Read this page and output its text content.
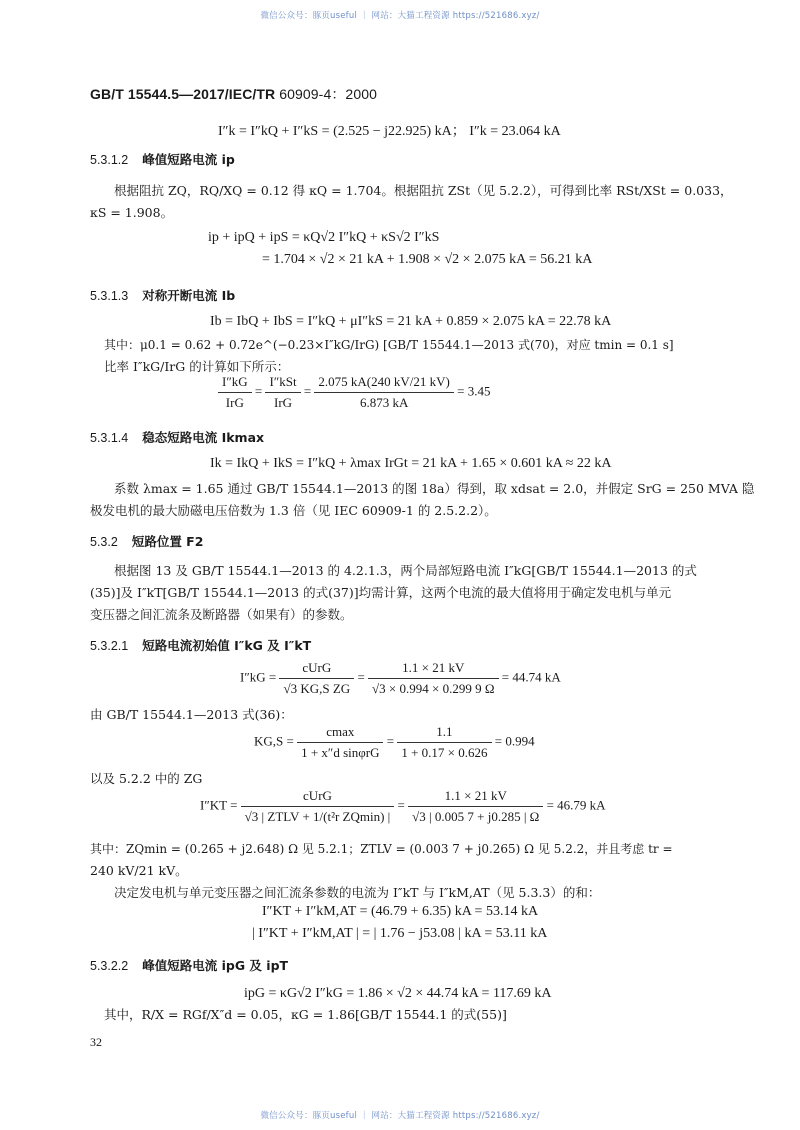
微信公众号：豚页useful ｜ 网站：大猫工程资源 https://521686.xyz/
GB/T 15544.5—2017/IEC/TR 60909-4：2000
I″k = I″kQ + I″kS = (2.525 − j22.925) kA； I″k = 23.064 kA
5.3.1.2 峰值短路电流 ip
根据阻抗 ZQ，RQ/XQ = 0.12 得 κQ = 1.704。根据阻抗 ZSt（见 5.2.2），可得到比率 RSt/XSt = 0.033，
κS = 1.908。
ip + ipQ + ipS = κQ√2 I″kQ + κS√2 I″kS
= 1.704 × √2 × 21 kA + 1.908 × √2 × 2.075 kA = 56.21 kA
5.3.1.3 对称开断电流 Ib
Ib = IbQ + IbS = I″kQ + μI″kS = 21 kA + 0.859 × 2.075 kA = 22.78 kA
其中：μ0.1 = 0.62 + 0.72e^(−0.23×I″kG/IrG) [GB/T 15544.1—2013 式(70)，对应 tmin = 0.1 s]
比率 I″kG/IrG 的计算如下所示：
$\frac{I''kG}{\text{IrG}} = \frac{\text{I″kSt}}{\text{IrG}} = \frac{2.075 kA(240 kV/21 kV)}{6.873 kA} = 3.45$
5.3.1.4 稳态短路电流 Ikmax
Ik = IkQ + IkS = I″kQ + λmax IrGt = 21 kA + 1.65 × 0.601 kA ≈ 22 kA
系数 λmax = 1.65 通过 GB/T 15544.1—2013 的图 18a）得到，取 xdsat = 2.0，并假定 SrG = 250 MVA 隐
极发电机的最大励磁电压倍数为 1.3 倍（见 IEC 60909-1 的 2.5.2.2）。
5.3.2 短路位置 F2
根据图 13 及 GB/T 15544.1—2013 的 4.2.1.3，两个局部短路电流 I″kG[GB/T 15544.1—2013 的式
(35)]及 I″kT[GB/T 15544.1—2013 的式(37)]均需计算，这两个电流的最大值将用于确定发电机与单元
变压器之间汇流条及断路器（如果有）的参数。
5.3.2.1 短路电流初始值 I″kG 及 I″kT
$I''kG = \frac{\text{cUrG}}{\text{√3 KG,S ZG}} = \frac{1.1 \times 21 kV}{√3 \times 0.994 \times 0.299 9 \Omega} = 44.74$ kA
由 GB/T 15544.1—2013 式(36)：
$KG,S = \frac{cmax}{\text{1 + x″d sinφrG}} = \frac{1.1}{1 + 0.17 \times 0.626} = 0.994$
以及 5.2.2 中的 ZG
$I''KT = \frac{\text{cUrG}}{\text{√3 | ZTLV + 1/(t²r ZQmin) |}} = \frac{1.1 \times 21 kV}{√3 | 0.005 7 + j0.285 | \Omega} = 46.79$ kA
其中：ZQmin = (0.265 + j2.648) Ω 见 5.2.1；ZTLV = (0.003 7 + j0.265) Ω 见 5.2.2，并且考虑 tr =
240 kV/21 kV。
决定发电机与单元变压器之间汇流条参数的电流为 I″kT 与 I″kM,AT（见 5.3.3）的和：
I″KT + I″kM,AT = (46.79 + 6.35) kA = 53.14 kA
| I″KT + I″kM,AT | = | 1.76 − j53.08 | kA = 53.11 kA
5.3.2.2 峰值短路电流 ipG 及 ipT
ipG = κG√2 I″kG = 1.86 × √2 × 44.74 kA = 117.69 kA
其中，R/X = RGf/X″d = 0.05，κG = 1.86[GB/T 15544.1 的式(55)]
32
微信公众号：豚页useful ｜ 网站：大猫工程资源 https://521686.xyz/
